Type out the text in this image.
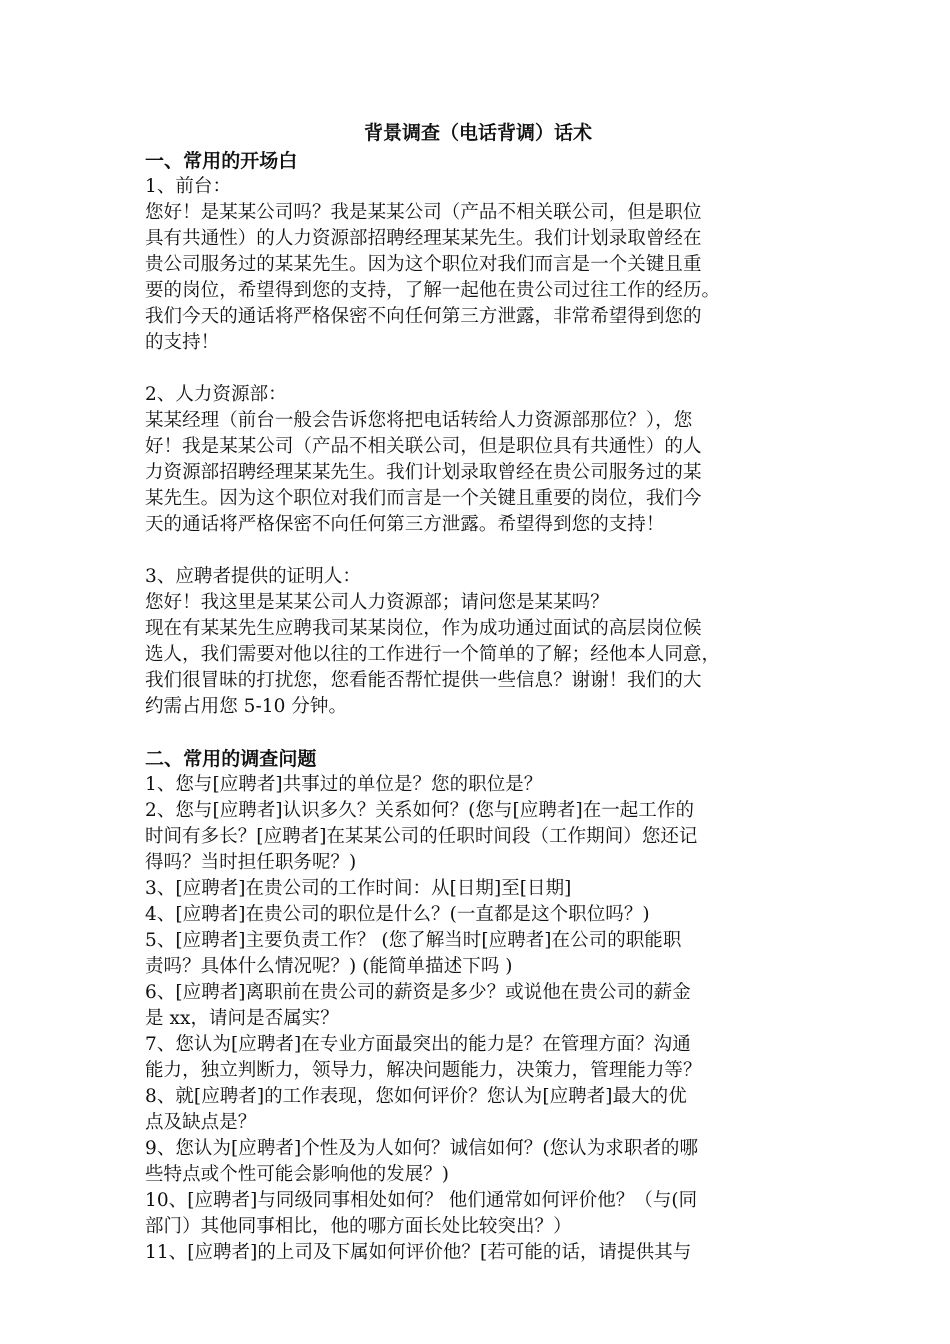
背景调查（电话背调）话术
一、常用的开场白
1、前台：
您好！是某某公司吗？我是某某公司（产品不相关联公司，但是职位
具有共通性）的人力资源部招聘经理某某先生。我们计划录取曾经在
贵公司服务过的某某先生。因为这个职位对我们而言是一个关键且重
要的岗位，希望得到您的支持，了解一起他在贵公司过往工作的经历。
我们今天的通话将严格保密不向任何第三方泄露，非常希望得到您的
的支持！
2、人力资源部：
某某经理（前台一般会告诉您将把电话转给人力资源部那位？），您
好！我是某某公司（产品不相关联公司，但是职位具有共通性）的人
力资源部招聘经理某某先生。我们计划录取曾经在贵公司服务过的某
某先生。因为这个职位对我们而言是一个关键且重要的岗位，我们今
天的通话将严格保密不向任何第三方泄露。希望得到您的支持！
3、应聘者提供的证明人：
您好！我这里是某某公司人力资源部；请问您是某某吗？
现在有某某先生应聘我司某某岗位，作为成功通过面试的高层岗位候
选人，我们需要对他以往的工作进行一个简单的了解；经他本人同意，
我们很冒昧的打扰您，您看能否帮忙提供一些信息？谢谢！我们的大
约需占用您 5-10 分钟。
二、常用的调查问题
1、您与[应聘者]共事过的单位是？您的职位是？
2、您与[应聘者]认识多久？关系如何？(您与[应聘者]在一起工作的
时间有多长？[应聘者]在某某公司的任职时间段（工作期间）您还记
得吗？当时担任职务呢？)
3、[应聘者]在贵公司的工作时间：从[日期]至[日期]
4、[应聘者]在贵公司的职位是什么？(一直都是这个职位吗？)
5、[应聘者]主要负责工作？ (您了解当时[应聘者]在公司的职能职
责吗？具体什么情况呢？) (能简单描述下吗 )
6、[应聘者]离职前在贵公司的薪资是多少？或说他在贵公司的薪金
是 xx，请问是否属实？
7、您认为[应聘者]在专业方面最突出的能力是？在管理方面？沟通
能力，独立判断力，领导力，解决问题能力，决策力，管理能力等？
8、就[应聘者]的工作表现，您如何评价？您认为[应聘者]最大的优
点及缺点是？
9、您认为[应聘者]个性及为人如何？诚信如何？(您认为求职者的哪
些特点或个性可能会影响他的发展？)
10、[应聘者]与同级同事相处如何？ 他们通常如何评价他？（与(同
部门）其他同事相比，他的哪方面长处比较突出？）
11、[应聘者]的上司及下属如何评价他？[若可能的话，请提供其与
